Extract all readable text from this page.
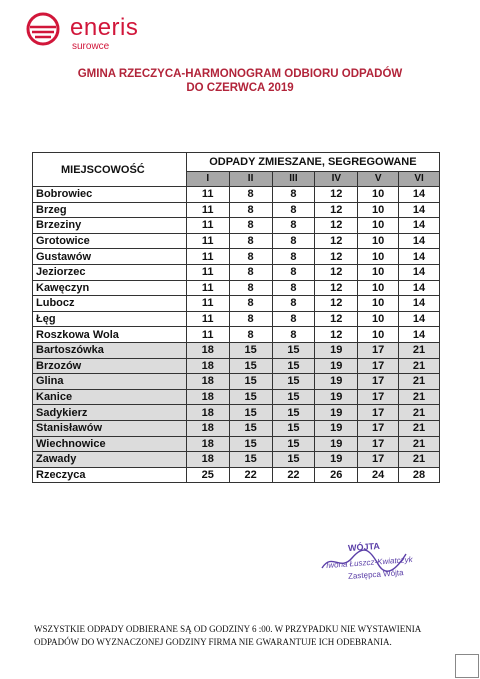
eneris
surowce
GMINA RZECZYCA-HARMONOGRAM ODBIORU ODPADÓW
DO CZERWCA 2019
MIEJSCOWOŚĆ	ODPADY ZMIESZANE, SEGREGOWANE					
	I	II	III	IV	V	VI
Bobrowiec	11	8	8	12	10	14
Brzeg	11	8	8	12	10	14
Brzeziny	11	8	8	12	10	14
Grotowice	11	8	8	12	10	14
Gustawów	11	8	8	12	10	14
Jeziorzec	11	8	8	12	10	14
Kawęczyn	11	8	8	12	10	14
Lubocz	11	8	8	12	10	14
Łęg	11	8	8	12	10	14
Roszkowa Wola	11	8	8	12	10	14
Bartoszówka	18	15	15	19	17	21
Brzozów	18	15	15	19	17	21
Glina	18	15	15	19	17	21
Kanice	18	15	15	19	17	21
Sadykierz	18	15	15	19	17	21
Stanisławów	18	15	15	19	17	21
Wiechnowice	18	15	15	19	17	21
Zawady	18	15	15	19	17	21
Rzeczyca	25	22	22	26	24	28
WÓJTA
Iwona Łuszcz-Kwiatczyk
Zastępca Wójta
WSZYSTKIE ODPADY ODBIERANE SĄ OD GODZINY 6 :00. W PRZYPADKU NIE WYSTAWIENIA
ODPADÓW DO WYZNACZONEJ GODZINY FIRMA NIE GWARANTUJE ICH ODEBRANIA.
